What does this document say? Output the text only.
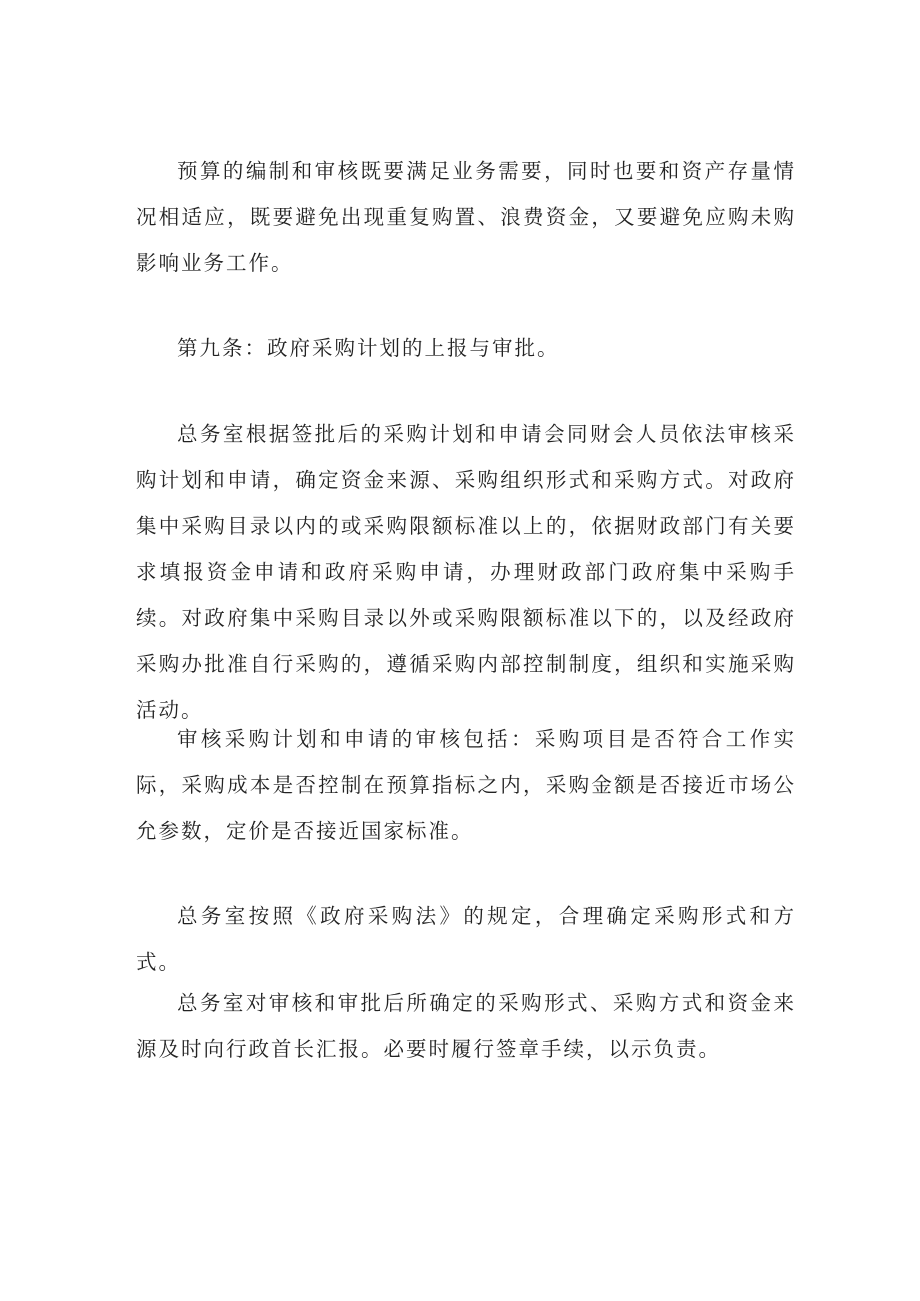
预算的编制和审核既要满足业务需要，同时也要和资产存量情况相适应，既要避免出现重复购置、浪费资金，又要避免应购未购影响业务工作。

第九条：政府采购计划的上报与审批。

总务室根据签批后的采购计划和申请会同财会人员依法审核采购计划和申请，确定资金来源、采购组织形式和采购方式。对政府集中采购目录以内的或采购限额标准以上的，依据财政部门有关要求填报资金申请和政府采购申请，办理财政部门政府集中采购手续。对政府集中采购目录以外或采购限额标准以下的，以及经政府采购办批准自行采购的，遵循采购内部控制制度，组织和实施采购活动。

审核采购计划和申请的审核包括：采购项目是否符合工作实际，采购成本是否控制在预算指标之内，采购金额是否接近市场公允参数，定价是否接近国家标准。

总务室按照《政府采购法》的规定，合理确定采购形式和方式。

总务室对审核和审批后所确定的采购形式、采购方式和资金来源及时向行政首长汇报。必要时履行签章手续，以示负责。
